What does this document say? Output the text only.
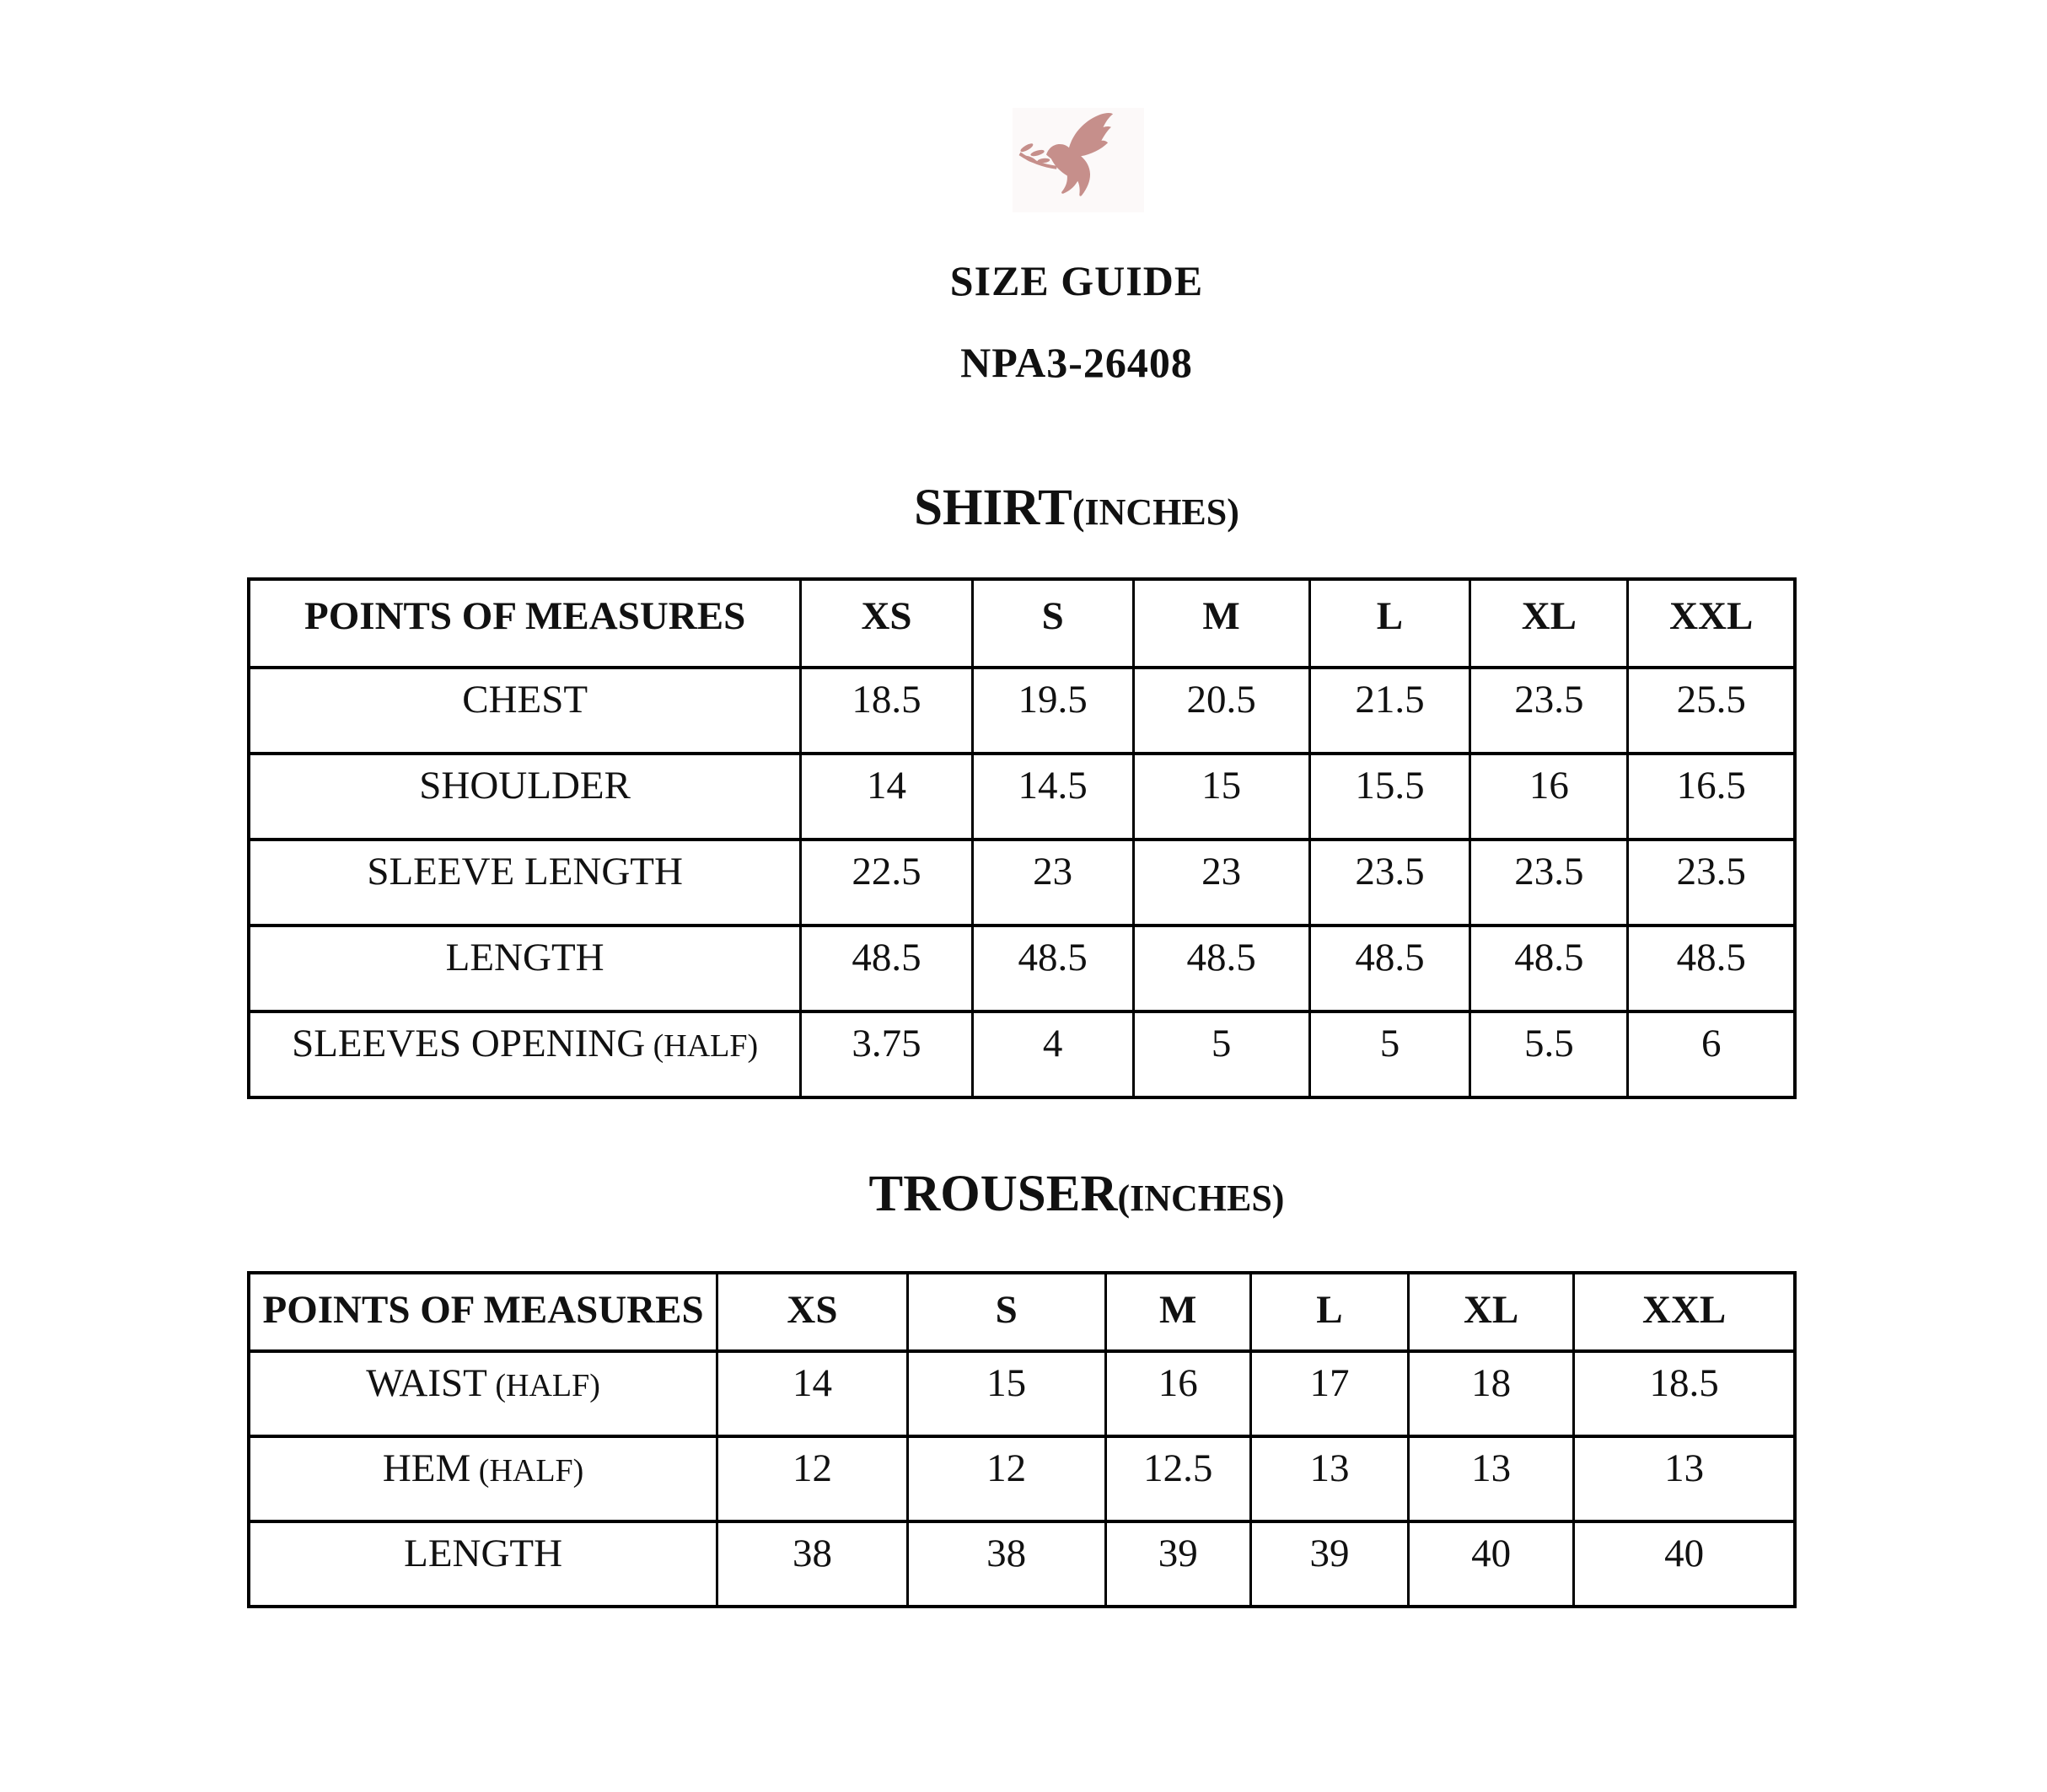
SIZE GUIDE
NPA3-26408
SHIRT(INCHES)
POINTS OF MEASURES	XS	S	M	L	XL	XXL
CHEST	18.5	19.5	20.5	21.5	23.5	25.5
SHOULDER	14	14.5	15	15.5	16	16.5
SLEEVE LENGTH	22.5	23	23	23.5	23.5	23.5
LENGTH	48.5	48.5	48.5	48.5	48.5	48.5
SLEEVES OPENING (HALF)	3.75	4	5	5	5.5	6
TROUSER(INCHES)
POINTS OF MEASURES	XS	S	M	L	XL	XXL
WAIST (HALF)	14	15	16	17	18	18.5
HEM (HALF)	12	12	12.5	13	13	13
LENGTH	38	38	39	39	40	40
